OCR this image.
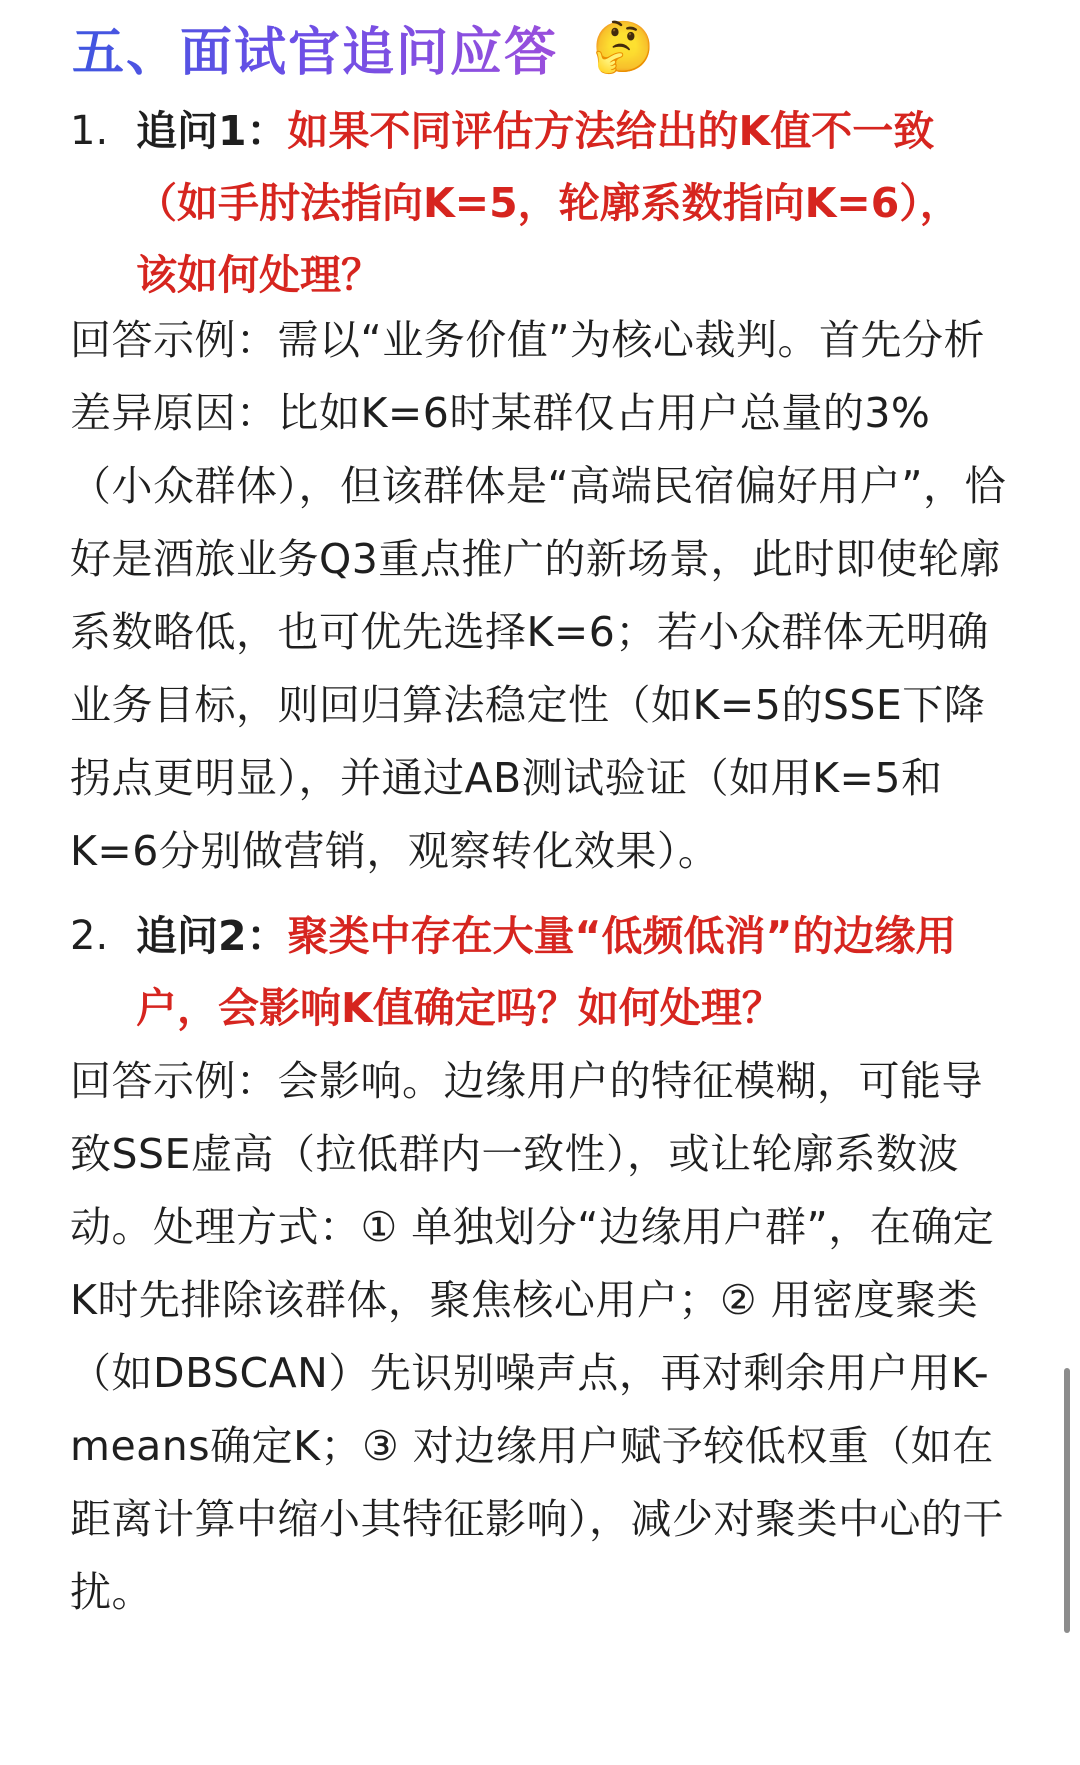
五、面试官追问应答 🤔
1. 追问1：如果不同评估方法给出的K值不一致（如手肘法指向K=5，轮廓系数指向K=6），该如何处理？
回答示例：需以“业务价值”为核心裁判。首先分析差异原因：比如K=6时某群仅占用户总量的3%（小众群体），但该群体是“高端民宿偏好用户”，恰好是酒旅业务Q3重点推广的新场景，此时即使轮廓系数略低，也可优先选择K=6；若小众群体无明确业务目标，则回归算法稳定性（如K=5的SSE下降拐点更明显），并通过AB测试验证（如用K=5和K=6分别做营销，观察转化效果）。
2. 追问2：聚类中存在大量“低频低消”的边缘用户，会影响K值确定吗？如何处理？
回答示例：会影响。边缘用户的特征模糊，可能导致SSE虚高（拉低群内一致性），或让轮廓系数波动。处理方式：① 单独划分“边缘用户群”，在确定K时先排除该群体，聚焦核心用户；② 用密度聚类（如DBSCAN）先识别噪声点，再对剩余用户用K-means确定K；③ 对边缘用户赋予较低权重（如在距离计算中缩小其特征影响），减少对聚类中心的干扰。
